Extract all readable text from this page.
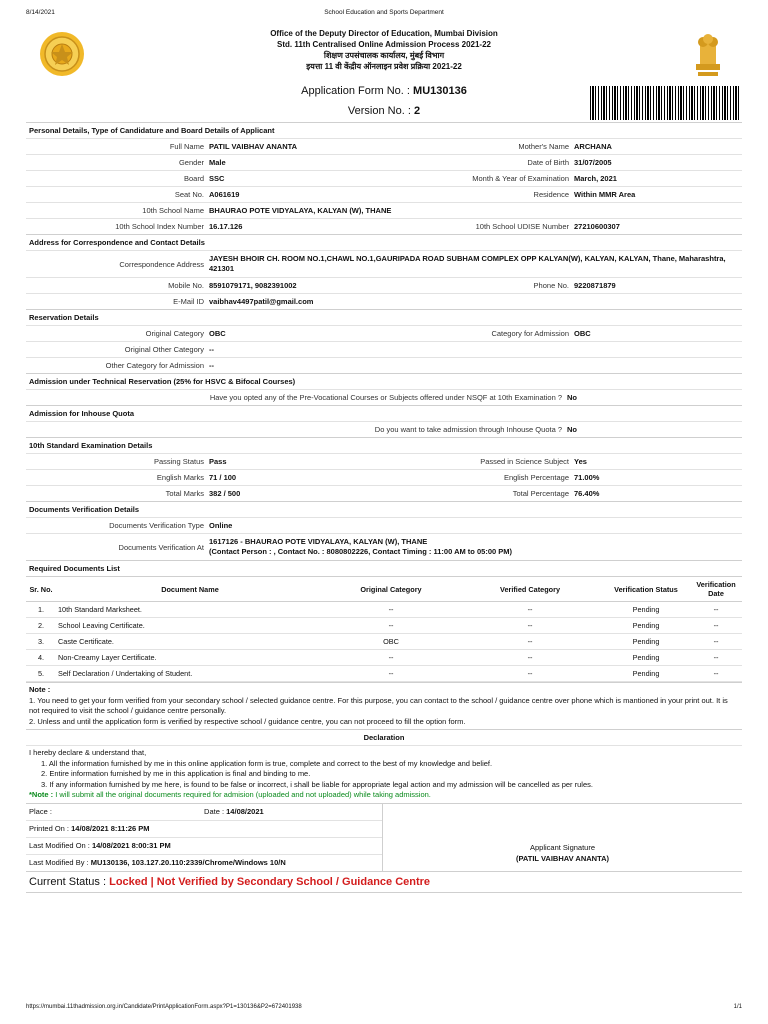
8/14/2021	School Education and Sports Department
Office of the Deputy Director of Education, Mumbai Division
Std. 11th Centralised Online Admission Process 2021-22
शिक्षण उपसंचालक कार्यालय, मुंबई विभाग
इयत्ता 11 वी केंद्रीय ऑनलाइन प्रवेश प्रक्रिया 2021-22
Application Form No. : MU130136
Version No. : 2
Personal Details, Type of Candidature and Board Details of Applicant
Full Name PATIL VAIBHAV ANANTA	Mother's Name ARCHANA
Gender Male	Date of Birth 31/07/2005
Board SSC	Month & Year of Examination March, 2021
Seat No. A061619	Residence Within MMR Area
10th School Name BHAURAO POTE VIDYALAYA, KALYAN (W), THANE
10th School Index Number 16.17.126	10th School UDISE Number 27210600307
Address for Correspondence and Contact Details
Correspondence Address
JAYESH BHOIR CH. ROOM NO.1,CHAWL NO.1,GAURIPADA ROAD SUBHAM COMPLEX OPP KALYAN(W), KALYAN, KALYAN, Thane, Maharashtra, 421301
Mobile No. 8591079171, 9082391002	Phone No. 9220871879
E-Mail ID vaibhav4497patil@gmail.com
Reservation Details
Original Category OBC	Category for Admission OBC
Original Other Category --
Other Category for Admission --
Admission under Technical Reservation (25% for HSVC & Bifocal Courses)
Have you opted any of the Pre-Vocational Courses or Subjects offered under NSQF at 10th Examination ? No
Admission for Inhouse Quota
Do you want to take admission through Inhouse Quota ? No
10th Standard Examination Details
Passing Status Pass	Passed in Science Subject Yes
English Marks 71 / 100	English Percentage 71.00%
Total Marks 382 / 500	Total Percentage 76.40%
Documents Verification Details
Documents Verification Type Online
Documents Verification At
1617126 - BHAURAO POTE VIDYALAYA, KALYAN (W), THANE
(Contact Person : , Contact No. : 8080802226, Contact Timing : 11:00 AM to 05:00 PM)
Required Documents List
Sr. No.	Document Name	Original Category	Verified Category	Verification Status	Verification Date
1.	10th Standard Marksheet.	--	--	Pending	--
2.	School Leaving Certificate.	--	--	Pending	--
3.	Caste Certificate.	OBC	--	Pending	--
4.	Non-Creamy Layer Certificate.	--	--	Pending	--
5.	Self Declaration / Undertaking of Student.	--	--	Pending	--
Note :
1. You need to get your form verified from your secondary school / selected guidance centre. For this purpose, you can contact to the school / guidance centre over phone which is mantioned in your print out. It is not required to visit the school / guidance centre personally.
2. Unless and until the application form is verified by respective school / guidance centre, you can not proceed to fill the option form.
Declaration
I hereby declare & understand that,
1. All the information furnished by me in this online application form is true, complete and correct to the best of my knowledge and belief.
2. Entire information furnished by me in this application is final and binding to me.
3. If any information furnished by me here, is found to be false or incorrect, i shall be liable for appropriate legal action and my admission will be cancelled as per rules.
*Note : I will submit all the original documents required for admision (uploaded and not uploaded) while taking admission.
Place :	Date : 14/08/2021
Printed On : 14/08/2021 8:11:26 PM
Last Modified On : 14/08/2021 8:00:31 PM
Last Modified By : MU130136, 103.127.20.110:2339/Chrome/Windows 10/N
Applicant Signature
(PATIL VAIBHAV ANANTA)
Current Status : Locked | Not Verified by Secondary School / Guidance Centre
https://mumbai.11thadmission.org.in/Candidate/PrintApplicationForm.aspx?P1=130136&P2=672401938	1/1
